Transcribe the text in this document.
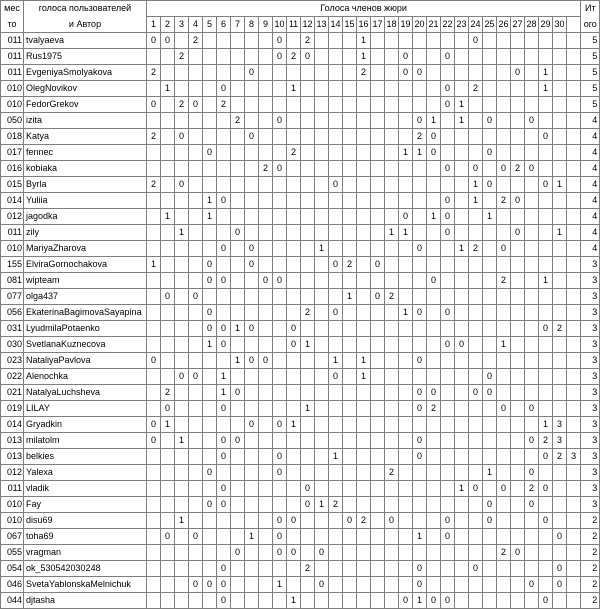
мес	голоса пользователей	Голоса членов жюри																															Ит
то	и Автор	1	2	3	4	5	6	7	8	9	10	11	12	13	14	15	16	17	18	19	20	21	22	23	24	25	26	27	28	29	30		ого
011	tvalyaeva	0	0		2						0		2				1								0								5
011	Rus1975			2							0	2	0				1			0			0										5
011	EvgeniyaSmolyakova	2							0								2			0	0							0		1			5
010	OlegNovikov		1				0					1											0		2					1			5
010	FedorGrekov	0		2	0		2																0	1									5
050	izita							2			0										0	1		1		0			0				4
018	Katya	2		0					0												2	0								0			4
017	fennec					0						2								1	1	0				0							4
016	kobiaka									2	0												0		0		0	2	0				4
015	Byrla	2		0											0										1	0				0	1		4
014	Yuliia					1	0																0		1		2	0					4
012	jagodka		1			1														0		1	0			1							4
011	zily			1				0											1	1			0					0			1		4
010	MariyaZharova						0		0					1							0			1	2		0						4
155	ElviraGornochakova	1				0			0						0	2		0															3
081	wipteam					0	0			0	0											0					2			1			3
077	olga437		0		0											1		0	2														3
056	EkaterinaBagimovaSayapina					0							2		0					1	0		0										3
031	LyudmilaPotaenko					0	0	1	0			0																		0	2		3
030	SvetlanaKuznecova					1	0					0	1										0	0			1						3
023	NataliyaPavlova	0						1	0	0					1		1				0												3
022	Alenochka			0	0		1								0		1									0							3
021	NatalyaLuchsheva		2				1	0													0	0			0	0							3
019	LILAY		0				0						1								0	2					0		0				3
014	Gryadkin	0	1						0		0	1																		1	3		3
013	milatolm	0		1			0	0													0								0	2	3		3
013	belkies						0				0				1						0									0	2	3	3
012	Yalexa					0					0								2							1			0				3
011	vladik						0						0											1	0		0		2	0			3
010	Fay					0	0						0	1	2											0			0				3
010	disu69			1							0	0				0	2		0				0			0				0			2
067	toha69		0		0				1		0										1		0								0		2
055	vragman							0			0	0		0													2	0					2
054	ok_530542030248						0						2								0				0						0		2
046	SvetaYablonskaMelnichuk				0	0	0				1			0							0								0		0		2
044	djtasha						0					1								0	1	0	0							0			2
